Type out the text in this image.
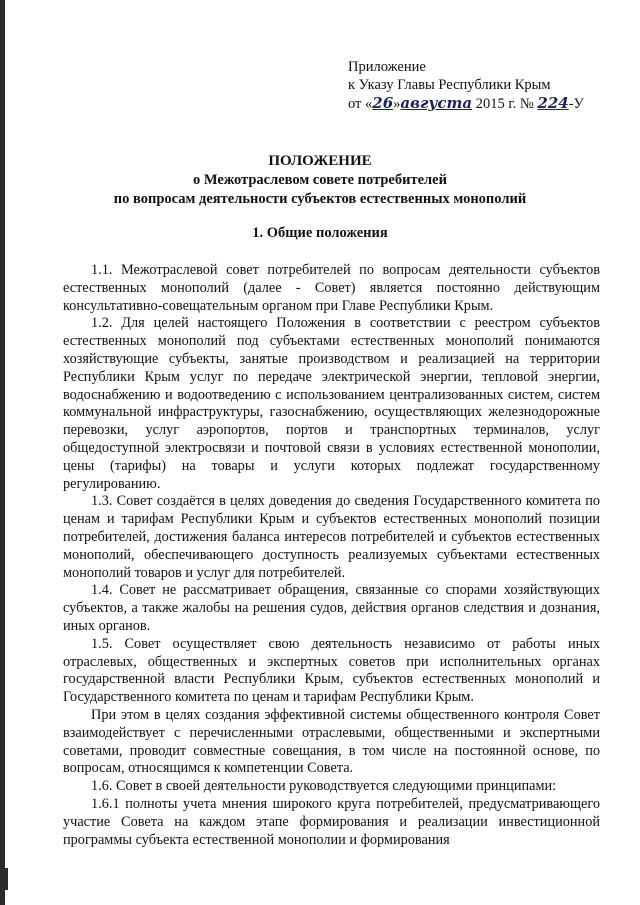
Приложение
к Указу Главы Республики Крым
от «26»августа 2015 г. № 224-У
ПОЛОЖЕНИЕ
о Межотраслевом совете потребителей
по вопросам деятельности субъектов естественных монополий
1. Общие положения

1.1. Межотраслевой совет потребителей по вопросам деятельности субъектов естественных монополий (далее - Совет) является постоянно действующим консультативно-совещательным органом при Главе Республики Крым.

1.2. Для целей настоящего Положения в соответствии с реестром субъектов естественных монополий под субъектами естественных монополий понимаются хозяйствующие субъекты, занятые производством и реализацией на территории Республики Крым услуг по передаче электрической энергии, тепловой энергии, водоснабжению и водоотведению с использованием централизованных систем, систем коммунальной инфраструктуры, газоснабжению, осуществляющих железнодорожные перевозки, услуг аэропортов, портов и транспортных терминалов, услуг общедоступной электросвязи и почтовой связи в условиях естественной монополии, цены (тарифы) на товары и услуги которых подлежат государственному регулированию.

1.3. Совет создаётся в целях доведения до сведения Государственного комитета по ценам и тарифам Республики Крым и субъектов естественных монополий позиции потребителей, достижения баланса интересов потребителей и субъектов естественных монополий, обеспечивающего доступность реализуемых субъектами естественных монополий товаров и услуг для потребителей.

1.4. Совет не рассматривает обращения, связанные со спорами хозяйствующих субъектов, а также жалобы на решения судов, действия органов следствия и дознания, иных органов.

1.5. Совет осуществляет свою деятельность независимо от работы иных отраслевых, общественных и экспертных советов при исполнительных органах государственной власти Республики Крым, субъектов естественных монополий и Государственного комитета по ценам и тарифам Республики Крым.

При этом в целях создания эффективной системы общественного контроля Совет взаимодействует с перечисленными отраслевыми, общественными и экспертными советами, проводит совместные совещания, в том числе на постоянной основе, по вопросам, относящимся к компетенции Совета.

1.6. Совет в своей деятельности руководствуется следующими принципами:

1.6.1 полноты учета мнения широкого круга потребителей, предусматривающего участие Совета на каждом этапе формирования и реализации инвестиционной программы субъекта естественной монополии и формирования
